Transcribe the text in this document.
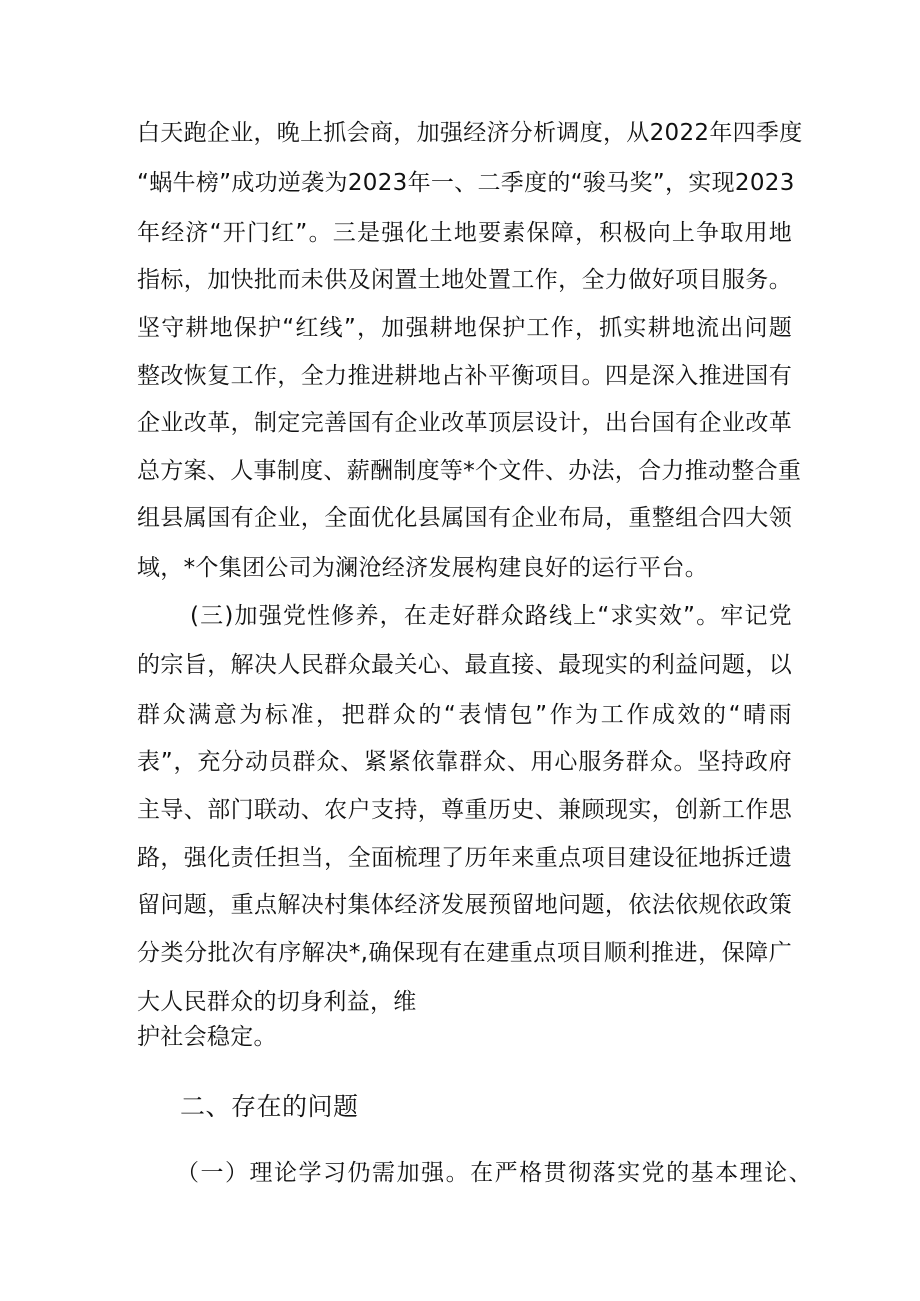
白天跑企业，晚上抓会商，加强经济分析调度，从2022年四季度
“蜗牛榜”成功逆袭为2023年一、二季度的“骏马奖”，实现2023
年经济“开门红”。三是强化土地要素保障，积极向上争取用地
指标，加快批而未供及闲置土地处置工作，全力做好项目服务。
坚守耕地保护“红线”，加强耕地保护工作，抓实耕地流出问题
整改恢复工作，全力推进耕地占补平衡项目。四是深入推进国有
企业改革，制定完善国有企业改革顶层设计，出台国有企业改革
总方案、人事制度、薪酬制度等*个文件、办法，合力推动整合重
组县属国有企业，全面优化县属国有企业布局，重整组合四大领
域，*个集团公司为澜沧经济发展构建良好的运行平台。
(三)加强党性修养，在走好群众路线上“求实效”。牢记党
的宗旨，解决人民群众最关心、最直接、最现实的利益问题，以
群众满意为标准，把群众的“表情包”作为工作成效的“晴雨
表”，充分动员群众、紧紧依靠群众、用心服务群众。坚持政府
主导、部门联动、农户支持，尊重历史、兼顾现实，创新工作思
路，强化责任担当，全面梳理了历年来重点项目建设征地拆迁遗
留问题，重点解决村集体经济发展预留地问题，依法依规依政策
分类分批次有序解决*,确保现有在建重点项目顺利推进，保障广
大人民群众的切身利益，维
护社会稳定。
二、存在的问题
（一）理论学习仍需加强。在严格贯彻落实党的基本理论、
